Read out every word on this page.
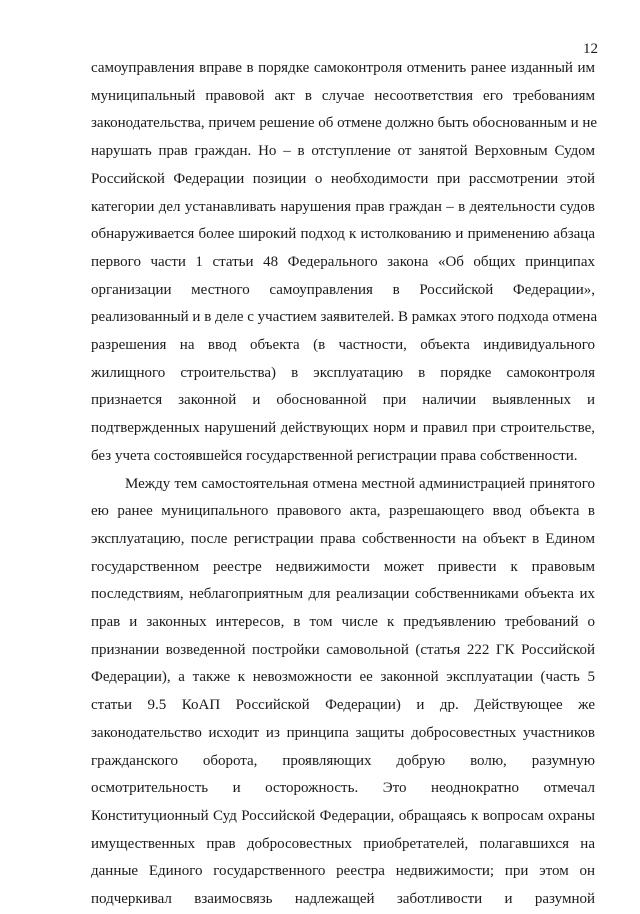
12

самоуправления вправе в порядке самоконтроля отменить ранее изданный им
муниципальный правовой акт в случае несоответствия его требованиям
законодательства, причем решение об отмене должно быть обоснованным и не
нарушать прав граждан. Но – в отступление от занятой Верховным Судом
Российской Федерации позиции о необходимости при рассмотрении этой
категории дел устанавливать нарушения прав граждан – в деятельности судов
обнаруживается более широкий подход к истолкованию и применению абзаца
первого части 1 статьи 48 Федерального закона «Об общих принципах
организации местного самоуправления в Российской Федерации»,
реализованный и в деле с участием заявителей. В рамках этого подхода отмена
разрешения на ввод объекта (в частности, объекта индивидуального
жилищного строительства) в эксплуатацию в порядке самоконтроля
признается законной и обоснованной при наличии выявленных и
подтвержденных нарушений действующих норм и правил при строительстве,
без учета состоявшейся государственной регистрации права собственности.

Между тем самостоятельная отмена местной администрацией принятого
ею ранее муниципального правового акта, разрешающего ввод объекта в
эксплуатацию, после регистрации права собственности на объект в Едином
государственном реестре недвижимости может привести к правовым
последствиям, неблагоприятным для реализации собственниками объекта их
прав и законных интересов, в том числе к предъявлению требований о
признании возведенной постройки самовольной (статья 222 ГК Российской
Федерации), а также к невозможности ее законной эксплуатации (часть 5
статьи 9.5 КоАП Российской Федерации) и др. Действующее же
законодательство исходит из принципа защиты добросовестных участников
гражданского оборота, проявляющих добрую волю, разумную
осмотрительность и осторожность. Это неоднократно отмечал
Конституционный Суд Российской Федерации, обращаясь к вопросам охраны
имущественных прав добросовестных приобретателей, полагавшихся на
данные Единого государственного реестра недвижимости; при этом он
подчеркивал взаимосвязь надлежащей заботливости и разумной
